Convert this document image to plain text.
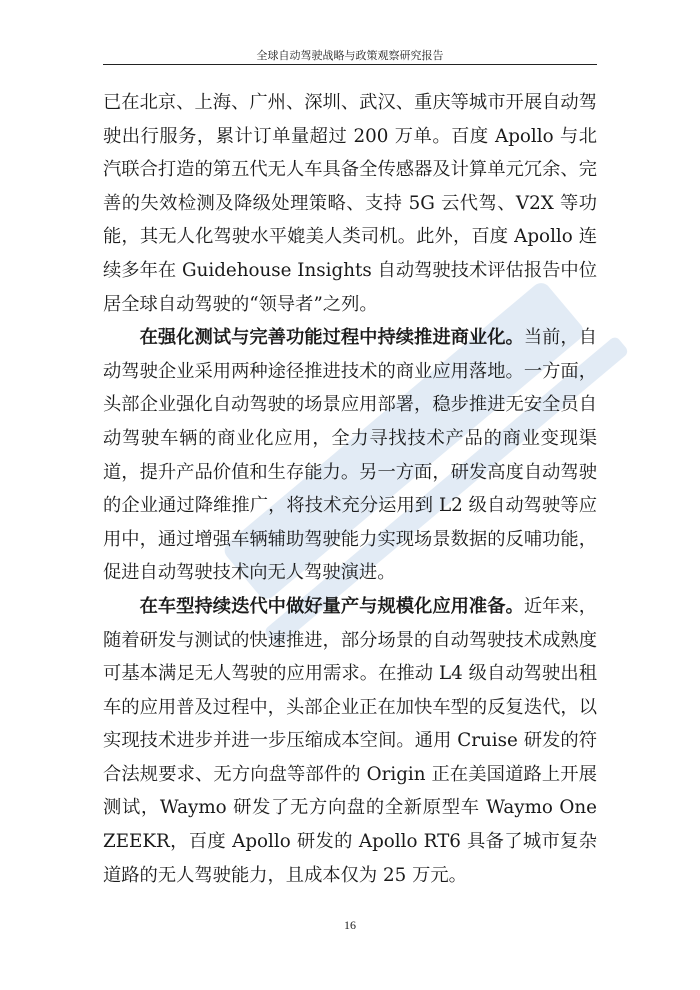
全球自动驾驶战略与政策观察研究报告

已在北京、上海、广州、深圳、武汉、重庆等城市开展自动驾驶出行服务，累计订单量超过 200 万单。百度 Apollo 与北汽联合打造的第五代无人车具备全传感器及计算单元冗余、完善的失效检测及降级处理策略、支持 5G 云代驾、V2X 等功能，其无人化驾驶水平媲美人类司机。此外，百度 Apollo 连续多年在 Guidehouse Insights 自动驾驶技术评估报告中位居全球自动驾驶的“领导者”之列。

在强化测试与完善功能过程中持续推进商业化。当前，自动驾驶企业采用两种途径推进技术的商业应用落地。一方面，头部企业强化自动驾驶的场景应用部署，稳步推进无安全员自动驾驶车辆的商业化应用，全力寻找技术产品的商业变现渠道，提升产品价值和生存能力。另一方面，研发高度自动驾驶的企业通过降维推广，将技术充分运用到 L2 级自动驾驶等应用中，通过增强车辆辅助驾驶能力实现场景数据的反哺功能，促进自动驾驶技术向无人驾驶演进。

在车型持续迭代中做好量产与规模化应用准备。近年来，随着研发与测试的快速推进，部分场景的自动驾驶技术成熟度可基本满足无人驾驶的应用需求。在推动 L4 级自动驾驶出租车的应用普及过程中，头部企业正在加快车型的反复迭代，以实现技术进步并进一步压缩成本空间。通用 Cruise 研发的符合法规要求、无方向盘等部件的 Origin 正在美国道路上开展测试，Waymo 研发了无方向盘的全新原型车 Waymo One ZEEKR，百度 Apollo 研发的 Apollo RT6 具备了城市复杂道路的无人驾驶能力，且成本仅为 25 万元。

16
